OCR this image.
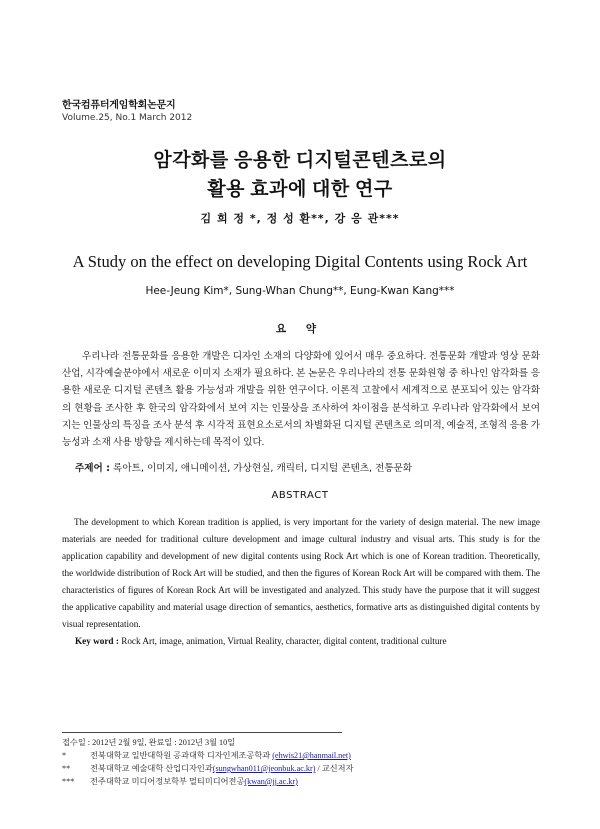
한국컴퓨터게임학회논문지
Volume.25, No.1 March 2012
암각화를 응용한 디지털콘텐츠로의
활용 효과에 대한 연구
김 희 정 *, 정 성 환**, 강 응 관***
A Study on the effect on developing Digital Contents using Rock Art
Hee-Jeung Kim*, Sung-Whan Chung**, Eung-Kwan Kang***
요 약

우리나라 전통문화를 응용한 개발은 디자인 소재의 다양화에 있어서 매우 중요하다. 전통문화 개발과 영상 문화산업, 시각예술분야에서 새로운 이미지 소재가 필요하다. 본 논문은 우리나라의 전통 문화원형 중 하나인 암각화를 응용한 새로운 디지털 콘텐츠 활용 가능성과 개발을 위한 연구이다. 이론적 고찰에서 세계적으로 분포되어 있는 암각화의 현황을 조사한 후 한국의 암각화에서 보여 지는 인물상을 조사하여 차이점을 분석하고 우리나라 암각화에서 보여 지는 인물상의 특징을 조사 분석 후 시각적 표현요소로서의 차별화된 디지털 콘텐츠로 의미적, 예술적, 조형적 응용 가능성과 소재 사용 방향을 제시하는데 목적이 있다.

주제어 : 록아트, 이미지, 애니메이션, 가상현실, 캐릭터, 디지털 콘텐츠, 전통문화
ABSTRACT

The development to which Korean tradition is applied, is very important for the variety of design material. The new image materials are needed for traditional culture development and image cultural industry and visual arts. This study is for the application capability and development of new digital contents using Rock Art which is one of Korean tradition. Theoretically, the worldwide distribution of Rock Art will be studied, and then the figures of Korean Rock Art will be compared with them. The characteristics of figures of Korean Rock Art will be investigated and analyzed. This study have the purpose that it will suggest the applicative capability and material usage direction of semantics, aesthetics, formative arts as distinguished digital contents by visual representation.

Key word : Rock Art, image, animation, Virtual Reality, character, digital content, traditional culture
접수일 : 2012년 2월 9일, 완료일 : 2012년 3월 10일
*	전북대학교 일반대학원 공과대학 디자인제조공학과 (ehwis21@hanmail.net)
** 전북대학교 예술대학 산업디자인과(sungwhan011@jeonbuk.ac.kr) / 교신저자
*** 전주대학교 미디어정보학부 멀티미디어전공(kwan@jj.ac.kr)
